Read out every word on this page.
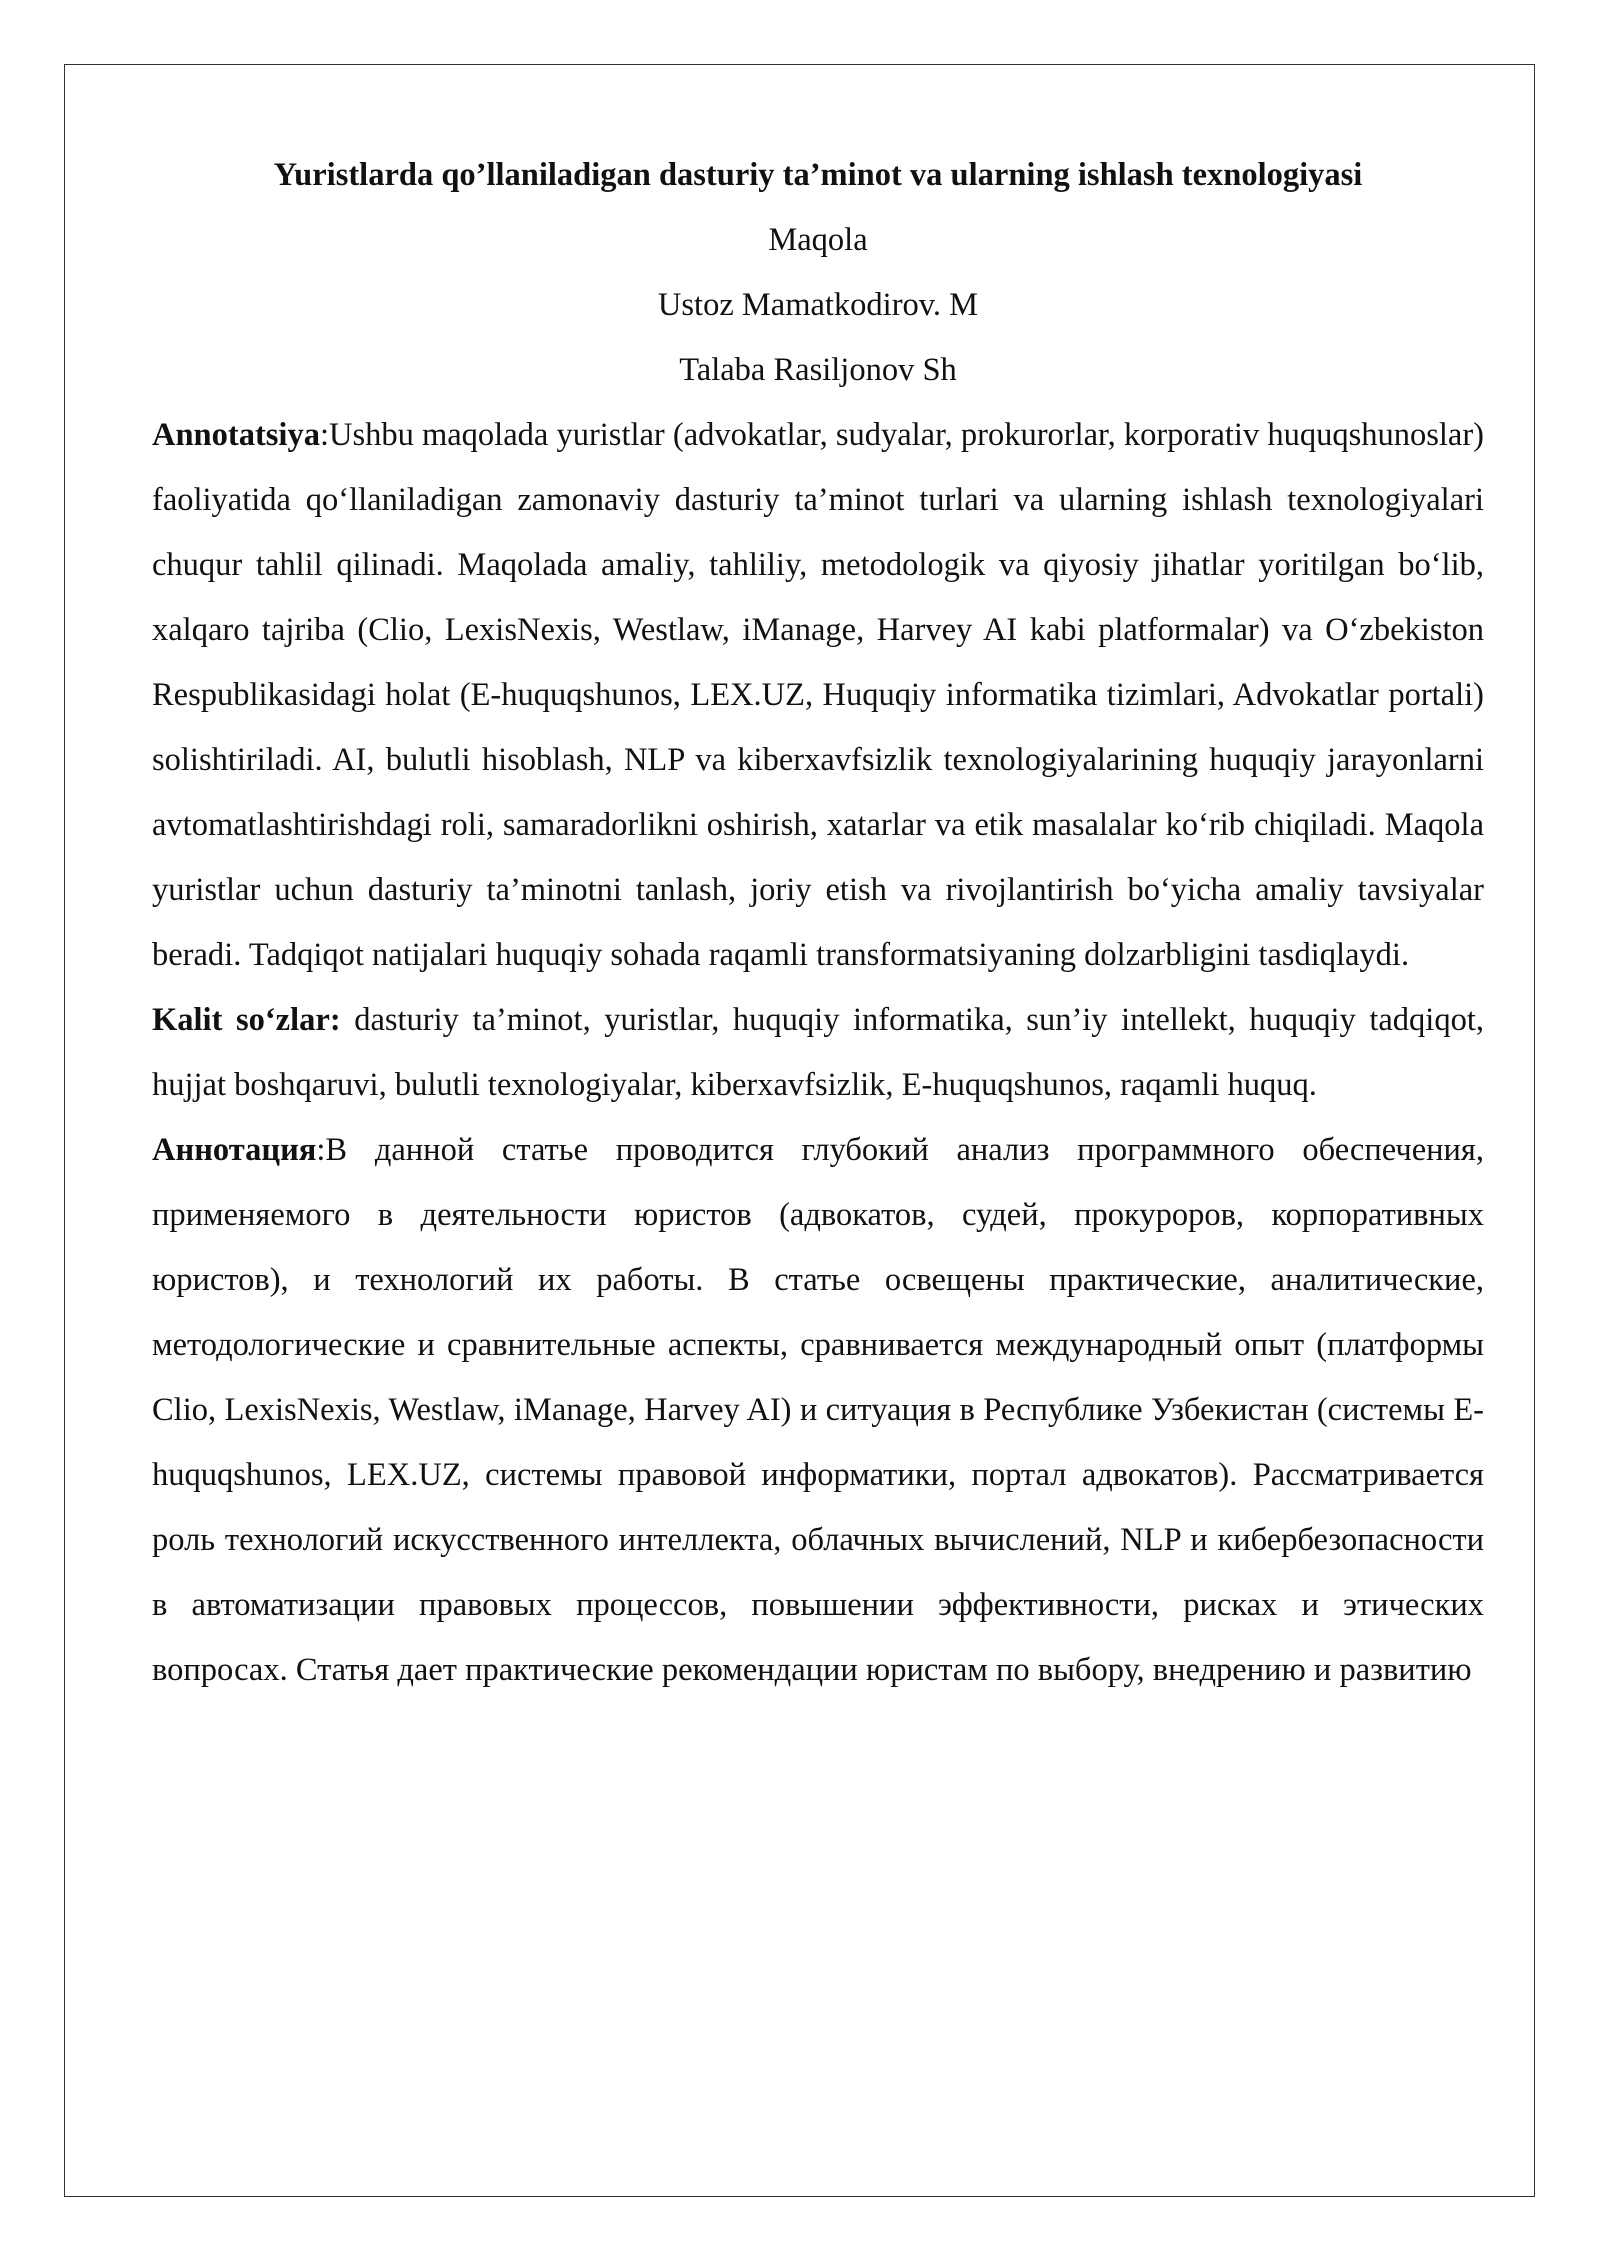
Yuristlarda qo’llaniladigan dasturiy ta’minot va ularning ishlash texnologiyasi

Maqola

Ustoz Mamatkodirov. M

Talaba Rasiljonov Sh

Annotatsiya:Ushbu maqolada yuristlar (advokatlar, sudyalar, prokurorlar, korporativ huquqshunoslar) faoliyatida qo‘llaniladigan zamonaviy dasturiy ta’minot turlari va ularning ishlash texnologiyalari chuqur tahlil qilinadi. Maqolada amaliy, tahliliy, metodologik va qiyosiy jihatlar yoritilgan bo‘lib, xalqaro tajriba (Clio, LexisNexis, Westlaw, iManage, Harvey AI kabi platformalar) va O‘zbekiston Respublikasidagi holat (E-huquqshunos, LEX.UZ, Huquqiy informatika tizimlari, Advokatlar portali) solishtiriladi. AI, bulutli hisoblash, NLP va kiberxavfsizlik texnologiyalarining huquqiy jarayonlarni avtomatlashtirishdagi roli, samaradorlikni oshirish, xatarlar va etik masalalar ko‘rib chiqiladi. Maqola yuristlar uchun dasturiy ta’minotni tanlash, joriy etish va rivojlantirish bo‘yicha amaliy tavsiyalar beradi. Tadqiqot natijalari huquqiy sohada raqamli transformatsiyaning dolzarbligini tasdiqlaydi.

Kalit so‘zlar: dasturiy ta’minot, yuristlar, huquqiy informatika, sun’iy intellekt, huquqiy tadqiqot, hujjat boshqaruvi, bulutli texnologiyalar, kiberxavfsizlik, E-huquqshunos, raqamli huquq.

Аннотация:В данной статье проводится глубокий анализ программного обеспечения, применяемого в деятельности юристов (адвокатов, судей, прокуроров, корпоративных юристов), и технологий их работы. В статье освещены практические, аналитические, методологические и сравнительные аспекты, сравнивается международный опыт (платформы Clio, LexisNexis, Westlaw, iManage, Harvey AI) и ситуация в Республике Узбекистан (системы E-huquqshunos, LEX.UZ, системы правовой информатики, портал адвокатов). Рассматривается роль технологий искусственного интеллекта, облачных вычислений, NLP и кибербезопасности в автоматизации правовых процессов, повышении эффективности, рисках и этических вопросах. Статья дает практические рекомендации юристам по выбору, внедрению и развитию
